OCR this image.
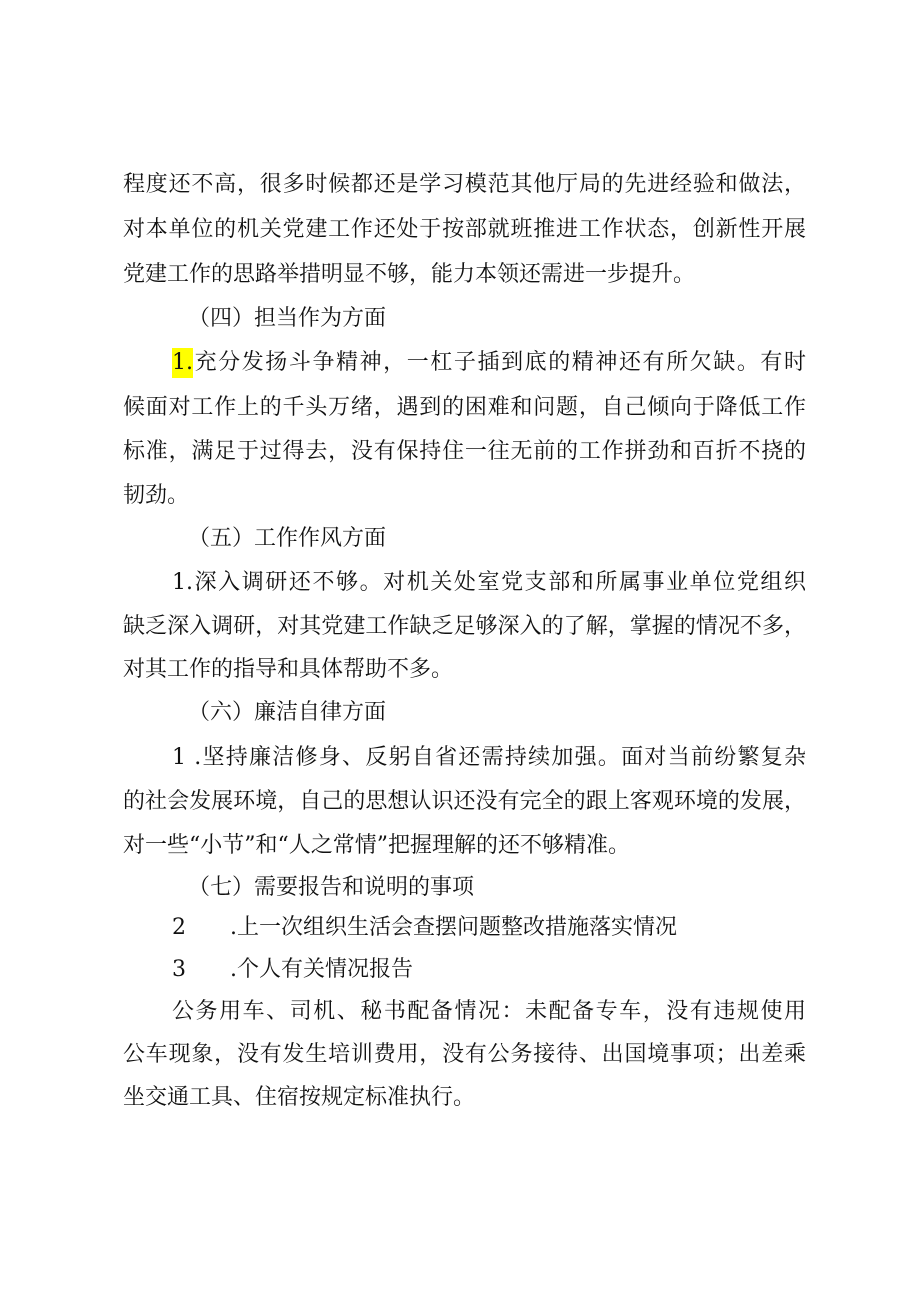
程度还不高，很多时候都还是学习模范其他厅局的先进经验和做法，
对本单位的机关党建工作还处于按部就班推进工作状态，创新性开展
党建工作的思路举措明显不够，能力本领还需进一步提升。
（四）担当作为方面
1.充分发扬斗争精神，一杠子插到底的精神还有所欠缺。有时
候面对工作上的千头万绪，遇到的困难和问题，自己倾向于降低工作
标准，满足于过得去，没有保持住一往无前的工作拼劲和百折不挠的
韧劲。
（五）工作作风方面
1.深入调研还不够。对机关处室党支部和所属事业单位党组织
缺乏深入调研，对其党建工作缺乏足够深入的了解，掌握的情况不多，
对其工作的指导和具体帮助不多。
（六）廉洁自律方面
1 .坚持廉洁修身、反躬自省还需持续加强。面对当前纷繁复杂
的社会发展环境，自己的思想认识还没有完全的跟上客观环境的发展，
对一些“小节”和“人之常情”把握理解的还不够精准。
（七）需要报告和说明的事项
2 .上一次组织生活会查摆问题整改措施落实情况
3 .个人有关情况报告
公务用车、司机、秘书配备情况：未配备专车，没有违规使用
公车现象，没有发生培训费用，没有公务接待、出国境事项；出差乘
坐交通工具、住宿按规定标准执行。
